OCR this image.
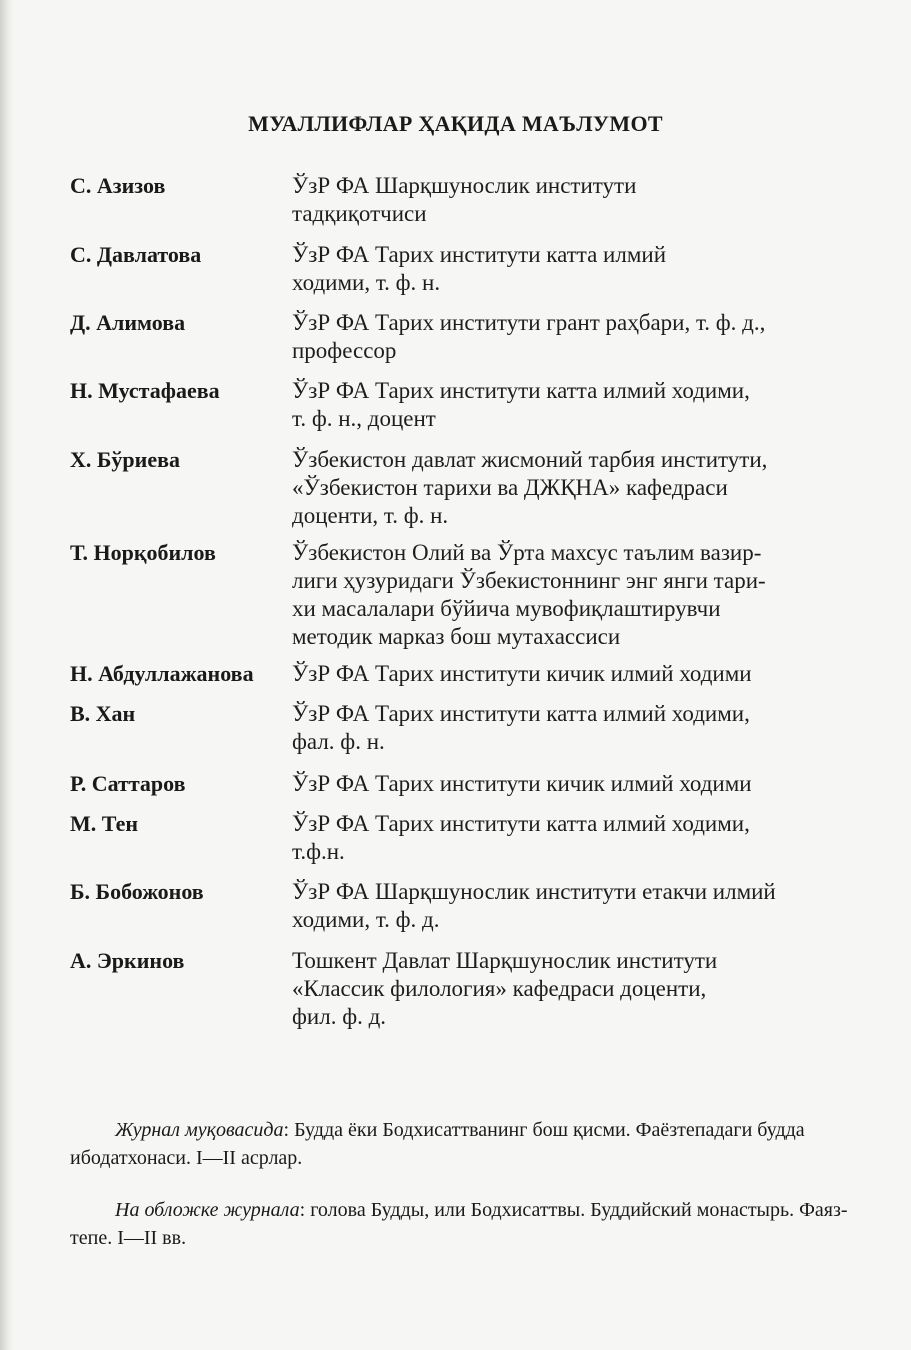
МУАЛЛИФЛАР ҲАҚИДА МАЪЛУМОТ
С. Азизов	ЎзР ФА Шарқшунослик институти
тадқиқотчиси
С. Давлатова	ЎзР ФА Тарих институти катта илмий
ходими, т. ф. н.
Д. Алимова	ЎзР ФА Тарих институти грант раҳбари, т. ф. д.,
профессор
Н. Мустафаева	ЎзР ФА Тарих институти катта илмий ходими,
т. ф. н., доцент
Х. Бўриева	Ўзбекистон давлат жисмоний тарбия институти,
«Ўзбекистон тарихи ва ДЖҚНА» кафедраси
доценти, т. ф. н.
Т. Норқобилов	Ўзбекистон Олий ва Ўрта махсус таълим вазир-
лиги ҳузуридаги Ўзбекистоннинг энг янги тари-
хи масалалари бўйича мувофиқлаштирувчи
методик марказ бош мутахассиси
Н. Абдуллажанова	ЎзР ФА Тарих институти кичик илмий ходими
В. Хан	ЎзР ФА Тарих институти катта илмий ходими,
фал. ф. н.
Р. Саттаров	ЎзР ФА Тарих институти кичик илмий ходими
М. Тен	ЎзР ФА Тарих институти катта илмий ходими,
т.ф.н.
Б. Бобожонов	ЎзР ФА Шарқшунослик институти етакчи илмий
ходими, т. ф. д.
А. Эркинов	Тошкент Давлат Шарқшунослик институти
«Классик филология» кафедраси доценти,
фил. ф. д.

Журнал муқовасида: Будда ёки Бодхисаттванинг бош қисми. Фаёзтепадаги будда ибодатхонаси. I—II асрлар.

На обложке журнала: голова Будды, или Бодхисаттвы. Буддийский монастырь. Фаяз-тепе. I—II вв.
